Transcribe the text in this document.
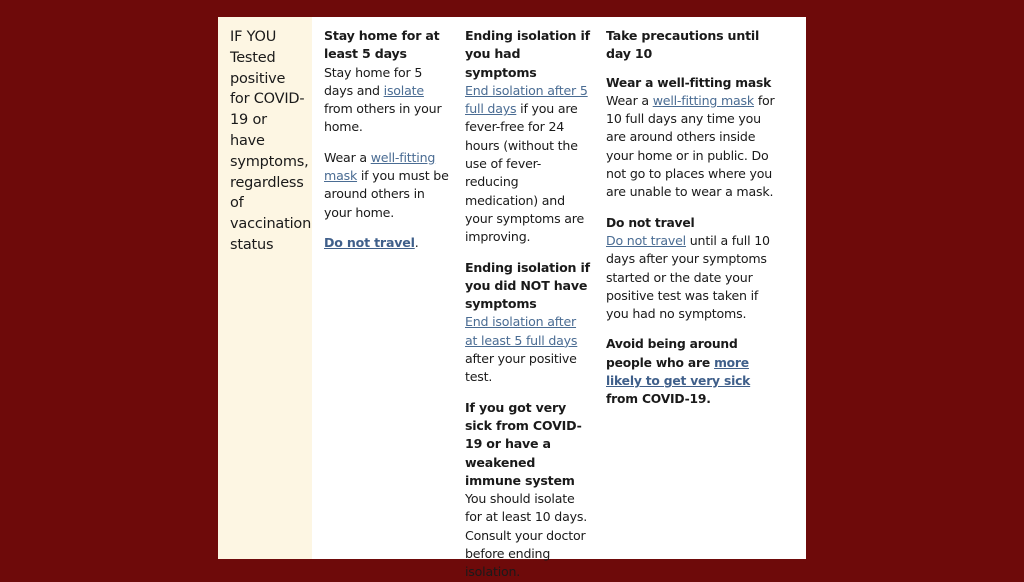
IF YOU Tested positive for COVID-19 or have symptoms, regardless of vaccination status
Stay home for at least 5 days
Stay home for 5 days and isolate from others in your home.
Wear a well-fitting mask if you must be around others in your home.
Do not travel.
Ending isolation if you had symptoms
End isolation after 5 full days if you are fever-free for 24 hours (without the use of fever-reducing medication) and your symptoms are improving.
Ending isolation if you did NOT have symptoms
End isolation after at least 5 full days after your positive test.
If you got very sick from COVID-19 or have a weakened immune system
You should isolate for at least 10 days. Consult your doctor before ending isolation.
Take precautions until day 10
Wear a well-fitting mask
Wear a well-fitting mask for 10 full days any time you are around others inside your home or in public. Do not go to places where you are unable to wear a mask.
Do not travel
Do not travel until a full 10 days after your symptoms started or the date your positive test was taken if you had no symptoms.
Avoid being around people who are more likely to get very sick from COVID-19.
